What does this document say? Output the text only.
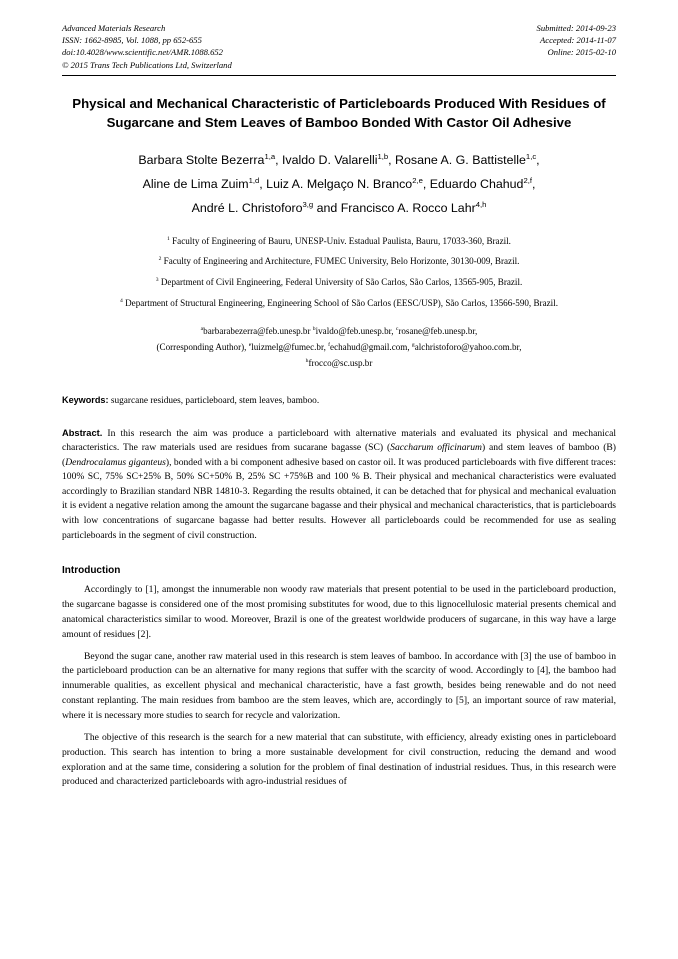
Advanced Materials Research
ISSN: 1662-8985, Vol. 1088, pp 652-655
doi:10.4028/www.scientific.net/AMR.1088.652
© 2015 Trans Tech Publications Ltd, Switzerland
Submitted: 2014-09-23
Accepted: 2014-11-07
Online: 2015-02-10
Physical and Mechanical Characteristic of Particleboards Produced With Residues of Sugarcane and Stem Leaves of Bamboo Bonded With Castor Oil Adhesive
Barbara Stolte Bezerra$^{1,a}$, Ivaldo D. Valarelli$^{1,b}$, Rosane A. G. Battistelle$^{1,c}$,
Aline de Lima Zuim$^{1,d}$, Luiz A. Melgaço N. Branco$^{2,e}$, Eduardo Chahud$^{2,f}$,
André L. Christoforo$^{3,g}$ and Francisco A. Rocco Lahr$^{4,h}$
$^1$ Faculty of Engineering of Bauru, UNESP-Univ. Estadual Paulista, Bauru, 17033-360, Brazil.
$^2$ Faculty of Engineering and Architecture, FUMEC University, Belo Horizonte, 30130-009, Brazil.
$^3$ Department of Civil Engineering, Federal University of São Carlos, São Carlos, 13565-905, Brazil.
$^4$ Department of Structural Engineering, Engineering School of São Carlos (EESC/USP), São Carlos, 13566-590, Brazil.
$^a$barbarabezerra@feb.unesp.br $^b$ivaldo@feb.unesp.br, $^c$rosane@feb.unesp.br,
(Corresponding Author), $^e$luizmelg@fumec.br, $^f$echahud@gmail.com, $^g$alchristoforo@yahoo.com.br,
$^h$frocco@sc.usp.br
Keywords: sugarcane residues, particleboard, stem leaves, bamboo.
Abstract. In this research the aim was produce a particleboard with alternative materials and evaluated its physical and mechanical characteristics. The raw materials used are residues from sucarane bagasse (SC) (Saccharum officinarum) and stem leaves of bamboo (B) (Dendrocalamus giganteus), bonded with a bi component adhesive based on castor oil. It was produced particleboards with five different traces: 100% SC, 75% SC+25% B, 50% SC+50% B, 25% SC +75%B and 100 % B. Their physical and mechanical characteristics were evaluated accordingly to Brazilian standard NBR 14810-3. Regarding the results obtained, it can be detached that for physical and mechanical evaluation it is evident a negative relation among the amount the sugarcane bagasse and their physical and mechanical characteristics, that is particleboards with low concentrations of sugarcane bagasse had better results. However all particleboards could be recommended for use as sealing particleboards in the segment of civil construction.
Introduction
Accordingly to [1], amongst the innumerable non woody raw materials that present potential to be used in the particleboard production, the sugarcane bagasse is considered one of the most promising substitutes for wood, due to this lignocellulosic material presents chemical and anatomical characteristics similar to wood. Moreover, Brazil is one of the greatest worldwide producers of sugarcane, in this way have a large amount of residues [2].
Beyond the sugar cane, another raw material used in this research is stem leaves of bamboo. In accordance with [3] the use of bamboo in the particleboard production can be an alternative for many regions that suffer with the scarcity of wood. Accordingly to [4], the bamboo had innumerable qualities, as excellent physical and mechanical characteristic, have a fast growth, besides being renewable and do not need constant replanting. The main residues from bamboo are the stem leaves, which are, accordingly to [5], an important source of raw material, where it is necessary more studies to search for recycle and valorization.
The objective of this research is the search for a new material that can substitute, with efficiency, already existing ones in particleboard production. This search has intention to bring a more sustainable development for civil construction, reducing the demand and wood exploration and at the same time, considering a solution for the problem of final destination of industrial residues. Thus, in this research were produced and characterized particleboards with agro-industrial residues of
